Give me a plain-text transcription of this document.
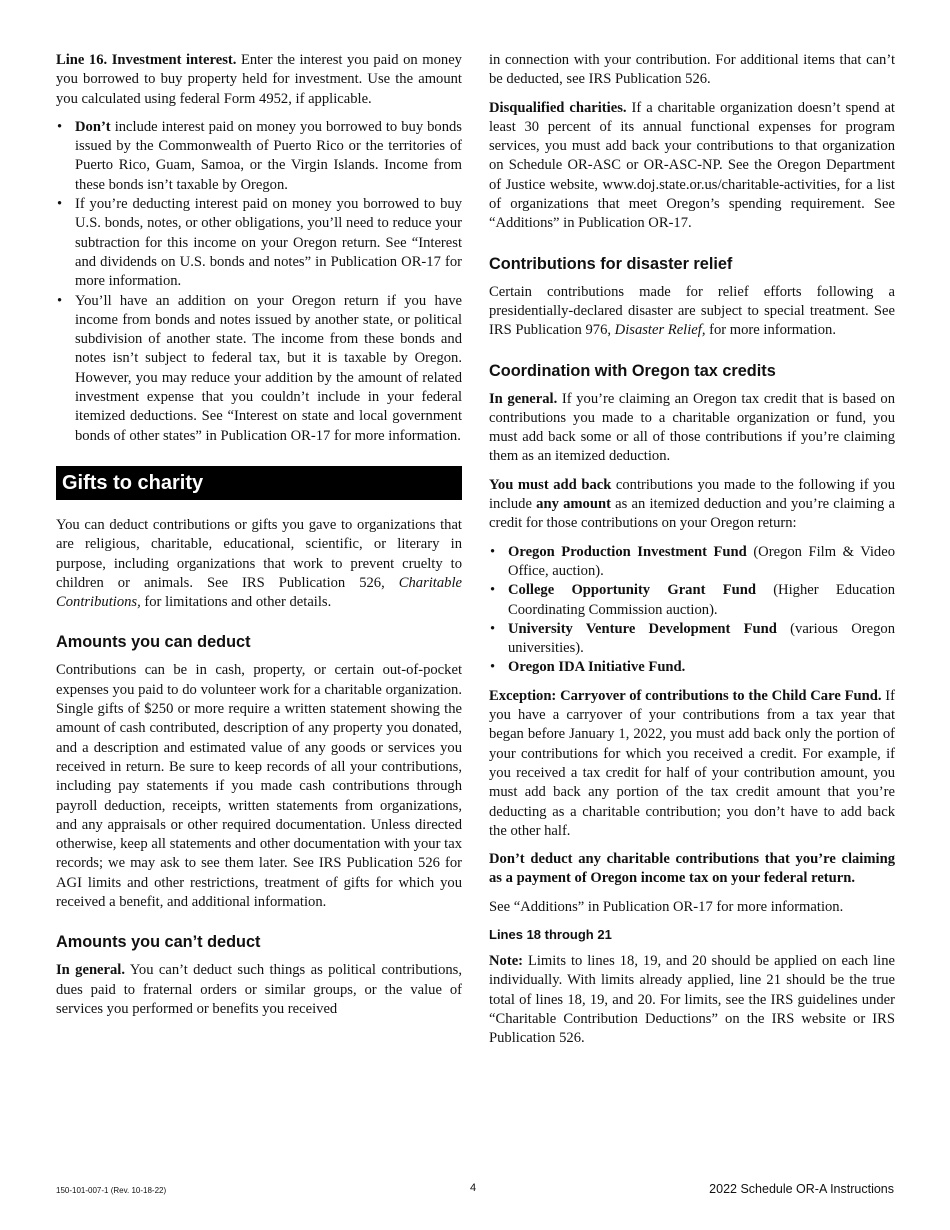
Line 16. Investment interest. Enter the interest you paid on money you borrowed to buy property held for investment. Use the amount you calculated using federal Form 4952, if applicable.

• Don’t include interest paid on money you borrowed to buy bonds issued by the Commonwealth of Puerto Rico or the territories of Puerto Rico, Guam, Samoa, or the Virgin Islands. Income from these bonds isn’t taxable by Oregon.
• If you’re deducting interest paid on money you borrowed to buy U.S. bonds, notes, or other obligations, you’ll need to reduce your subtraction for this income on your Oregon return. See “Interest and dividends on U.S. bonds and notes” in Publication OR-17 for more information.
• You’ll have an addition on your Oregon return if you have income from bonds and notes issued by another state, or political subdivision of another state. The income from these bonds and notes isn’t subject to federal tax, but it is taxable by Oregon. However, you may reduce your addition by the amount of related investment expense that you couldn’t include in your federal itemized deductions. See “Interest on state and local government bonds of other states” in Publication OR-17 for more information.
Gifts to charity

You can deduct contributions or gifts you gave to organizations that are religious, charitable, educational, scientific, or literary in purpose, including organizations that work to prevent cruelty to children or animals. See IRS Publication 526, Charitable Contributions, for limitations and other details.

Amounts you can deduct

Contributions can be in cash, property, or certain out-of-pocket expenses you paid to do volunteer work for a charitable organization. Single gifts of $250 or more require a written statement showing the amount of cash contributed, description of any property you donated, and a description and estimated value of any goods or services you received in return. Be sure to keep records of all your contributions, including pay statements if you made cash contributions through payroll deduction, receipts, written statements from organizations, and any appraisals or other required documentation. Unless directed otherwise, keep all statements and other documentation with your tax records; we may ask to see them later. See IRS Publication 526 for AGI limits and other restrictions, treatment of gifts for which you received a benefit, and additional information.

Amounts you can’t deduct

In general. You can’t deduct such things as political contributions, dues paid to fraternal orders or similar groups, or the value of services you performed or benefits you received

in connection with your contribution. For additional items that can’t be deducted, see IRS Publication 526.

Disqualified charities. If a charitable organization doesn’t spend at least 30 percent of its annual functional expenses for program services, you must add back your contributions to that organization on Schedule OR-ASC or OR-ASC-NP. See the Oregon Department of Justice website, www.doj.state.or.us/charitable-activities, for a list of organizations that meet Oregon’s spending requirement. See “Additions” in Publication OR-17.

Contributions for disaster relief

Certain contributions made for relief efforts following a presidentially-declared disaster are subject to special treatment. See IRS Publication 976, Disaster Relief, for more information.

Coordination with Oregon tax credits

In general. If you’re claiming an Oregon tax credit that is based on contributions you made to a charitable organization or fund, you must add back some or all of those contributions if you’re claiming them as an itemized deduction.

You must add back contributions you made to the following if you include any amount as an itemized deduction and you’re claiming a credit for those contributions on your Oregon return:

• Oregon Production Investment Fund (Oregon Film & Video Office, auction).
• College Opportunity Grant Fund (Higher Education Coordinating Commission auction).
• University Venture Development Fund (various Oregon universities).
• Oregon IDA Initiative Fund.

Exception: Carryover of contributions to the Child Care Fund. If you have a carryover of your contributions from a tax year that began before January 1, 2022, you must add back only the portion of your contributions for which you received a credit. For example, if you received a tax credit for half of your contribution amount, you must add back any portion of the tax credit amount that you’re deducting as a charitable contribution; you don’t have to add back the other half.

Don’t deduct any charitable contributions that you’re claiming as a payment of Oregon income tax on your federal return.

See “Additions” in Publication OR-17 for more information.

Lines 18 through 21

Note: Limits to lines 18, 19, and 20 should be applied on each line individually. With limits already applied, line 21 should be the true total of lines 18, 19, and 20. For limits, see the IRS guidelines under “Charitable Contribution Deductions” on the IRS website or IRS Publication 526.

150-101-007-1 (Rev. 10-18-22)	4	2022 Schedule OR-A Instructions
